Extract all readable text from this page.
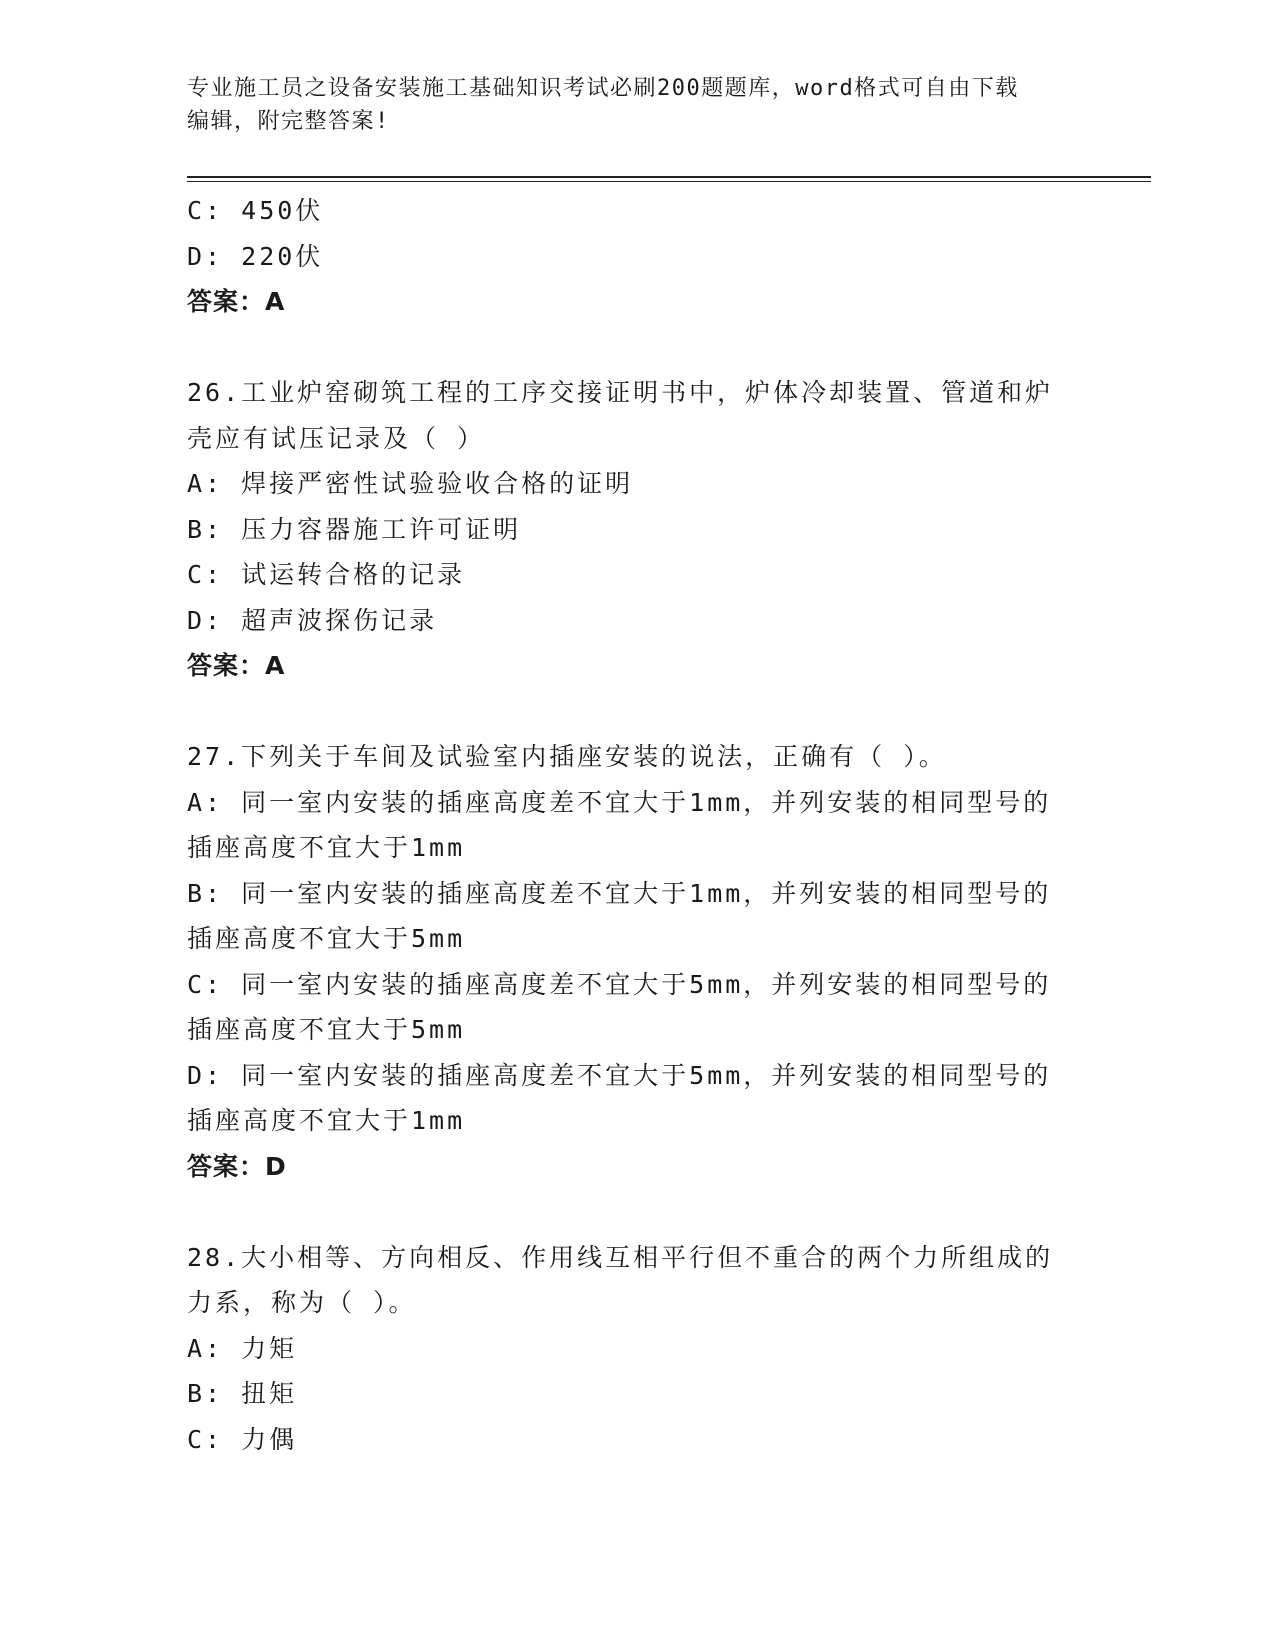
专业施工员之设备安装施工基础知识考试必刷200题题库，word格式可自由下载
编辑，附完整答案!
C: 450伏
D: 220伏
答案：A
26.工业炉窑砌筑工程的工序交接证明书中，炉体冷却装置、管道和炉
壳应有试压记录及（ ）
A: 焊接严密性试验验收合格的证明
B: 压力容器施工许可证明
C: 试运转合格的记录
D: 超声波探伤记录
答案：A
27.下列关于车间及试验室内插座安装的说法，正确有（ ）。
A: 同一室内安装的插座高度差不宜大于1mm，并列安装的相同型号的
插座高度不宜大于1mm
B: 同一室内安装的插座高度差不宜大于1mm，并列安装的相同型号的
插座高度不宜大于5mm
C: 同一室内安装的插座高度差不宜大于5mm，并列安装的相同型号的
插座高度不宜大于5mm
D: 同一室内安装的插座高度差不宜大于5mm，并列安装的相同型号的
插座高度不宜大于1mm
答案：D
28.大小相等、方向相反、作用线互相平行但不重合的两个力所组成的
力系，称为（ ）。
A: 力矩
B: 扭矩
C: 力偶
